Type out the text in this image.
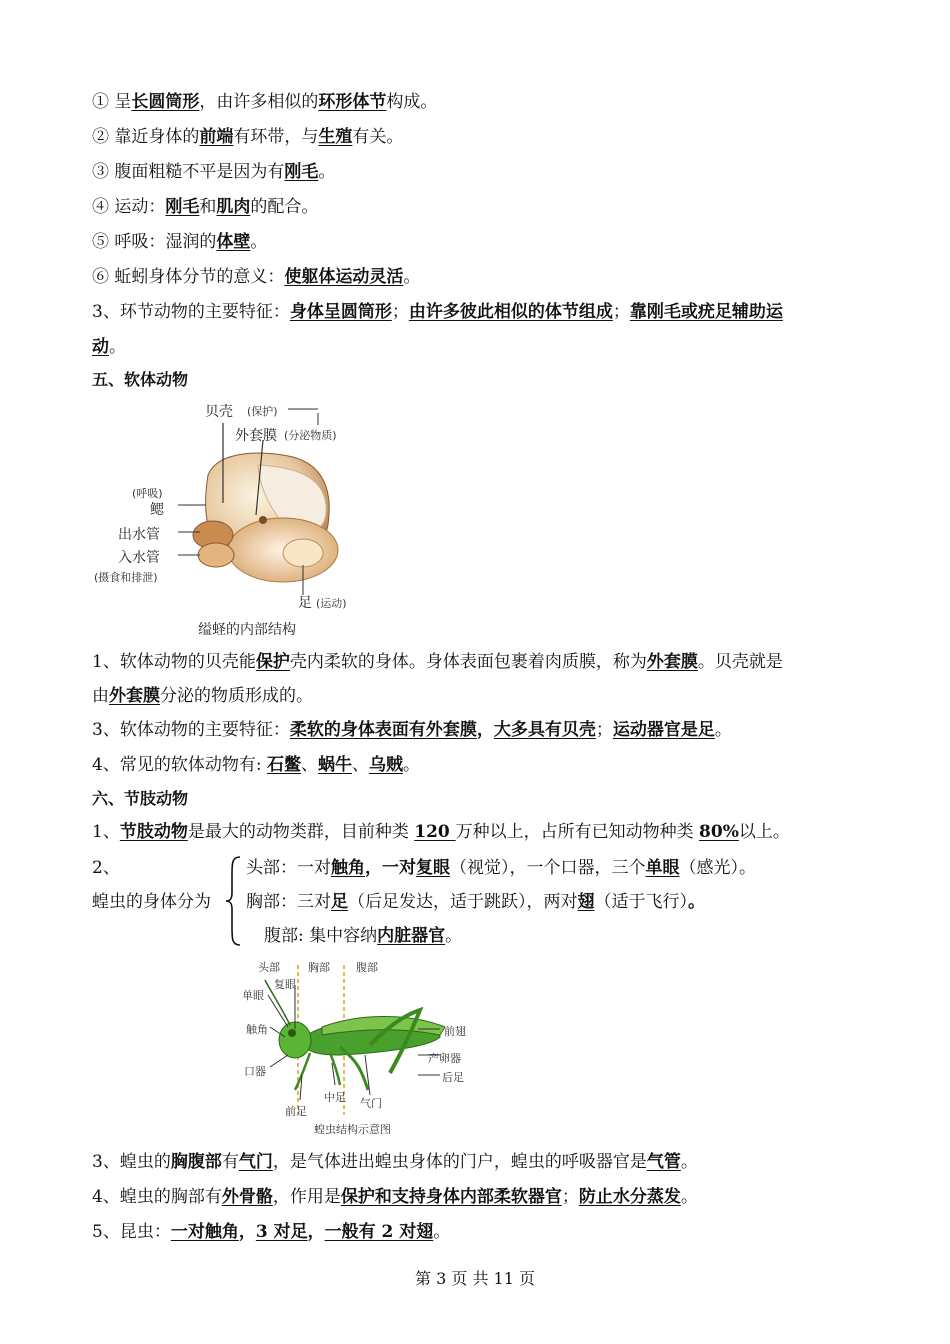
① 呈长圆筒形，由许多相似的环形体节构成。
② 靠近身体的前端有环带，与生殖有关。
③ 腹面粗糙不平是因为有刚毛。
④ 运动：刚毛和肌肉的配合。
⑤ 呼吸：湿润的体壁。
⑥ 蚯蚓身体分节的意义：使躯体运动灵活。
3、环节动物的主要特征：身体呈圆筒形；由许多彼此相似的体节组成；靠刚毛或疣足辅助运
动。
五、软体动物
贝壳 (保护)
外套膜 (分泌物质)
(呼吸)
鳃
出水管
入水管
(摄食和排泄)
足 (运动)
缢蛏的内部结构
1、软体动物的贝壳能保护壳内柔软的身体。身体表面包裹着肉质膜，称为外套膜。贝壳就是
由外套膜分泌的物质形成的。
3、软体动物的主要特征：柔软的身体表面有外套膜，大多具有贝壳；运动器官是足。
4、常见的软体动物有: 石鳖、蜗牛、乌贼。
六、节肢动物
1、节肢动物是最大的动物类群，目前种类 120 万种以上，占所有已知动物种类 80%以上。
2、
蝗虫的身体分为
头部：一对触角，一对复眼（视觉），一个口器，三个单眼（感光）。
胸部：三对足（后足发达，适于跳跃），两对翅（适于飞行）。
腹部: 集中容纳内脏器官。
头部	胸部 腹部
复眼
单眼
触角
口器
前足
中足 气门
前翅
产卵器
后足
蝗虫结构示意图
3、蝗虫的胸腹部有气门，是气体进出蝗虫身体的门户，蝗虫的呼吸器官是气管。
4、蝗虫的胸部有外骨骼，作用是保护和支持身体内部柔软器官；防止水分蒸发。
5、昆虫：一对触角，3 对足，一般有 2 对翅。
第 3 页 共 11 页
